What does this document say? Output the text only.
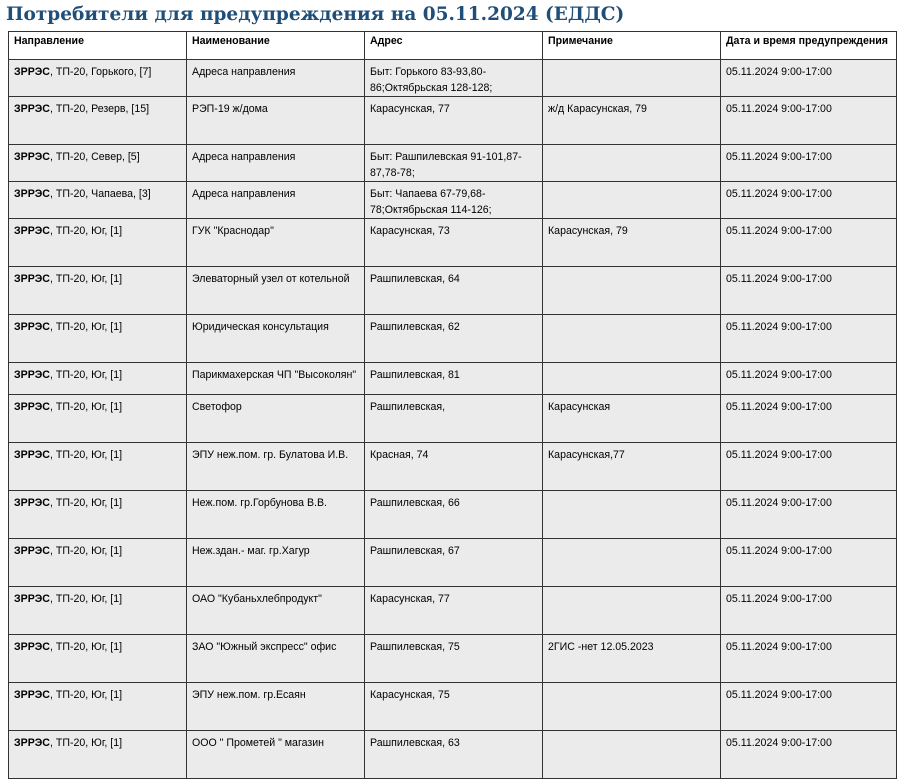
Потребители для предупреждения на 05.11.2024 (ЕДДС)
Направление	Наименование	Адрес	Примечание	Дата и время предупреждения
ЗРРЭС, ТП-20, Горького, [7]	Адреса направления	Быт: Горького 83-93,80-86;Октябрьская 128-128;		05.11.2024 9:00-17:00
ЗРРЭС, ТП-20, Резерв, [15]	РЭП-19 ж/дома	Карасунская, 77	ж/д Карасунская, 79	05.11.2024 9:00-17:00
ЗРРЭС, ТП-20, Север, [5]	Адреса направления	Быт: Рашпилевская 91-101,87-87,78-78;		05.11.2024 9:00-17:00
ЗРРЭС, ТП-20, Чапаева, [3]	Адреса направления	Быт: Чапаева 67-79,68-78;Октябрьская 114-126;		05.11.2024 9:00-17:00
ЗРРЭС, ТП-20, Юг, [1]	ГУК "Краснодар"	Карасунская, 73	Карасунская, 79	05.11.2024 9:00-17:00
ЗРРЭС, ТП-20, Юг, [1]	Элеваторный узел от котельной	Рашпилевская, 64		05.11.2024 9:00-17:00
ЗРРЭС, ТП-20, Юг, [1]	Юридическая консультация	Рашпилевская, 62		05.11.2024 9:00-17:00
ЗРРЭС, ТП-20, Юг, [1]	Парикмахерская ЧП "Высоколян"	Рашпилевская, 81		05.11.2024 9:00-17:00
ЗРРЭС, ТП-20, Юг, [1]	Светофор	Рашпилевская,	Карасунская	05.11.2024 9:00-17:00
ЗРРЭС, ТП-20, Юг, [1]	ЭПУ неж.пом. гр. Булатова И.В.	Красная, 74	Карасунская,77	05.11.2024 9:00-17:00
ЗРРЭС, ТП-20, Юг, [1]	Неж.пом. гр.Горбунова В.В.	Рашпилевская, 66		05.11.2024 9:00-17:00
ЗРРЭС, ТП-20, Юг, [1]	Неж.здан.- маг. гр.Хагур	Рашпилевская, 67		05.11.2024 9:00-17:00
ЗРРЭС, ТП-20, Юг, [1]	ОАО "Кубаньхлебпродукт"	Карасунская, 77		05.11.2024 9:00-17:00
ЗРРЭС, ТП-20, Юг, [1]	ЗАО "Южный экспресс" офис	Рашпилевская, 75	2ГИС -нет 12.05.2023	05.11.2024 9:00-17:00
ЗРРЭС, ТП-20, Юг, [1]	ЭПУ неж.пом. гр.Есаян	Карасунская, 75		05.11.2024 9:00-17:00
ЗРРЭС, ТП-20, Юг, [1]	ООО " Прометей " магазин	Рашпилевская, 63		05.11.2024 9:00-17:00
